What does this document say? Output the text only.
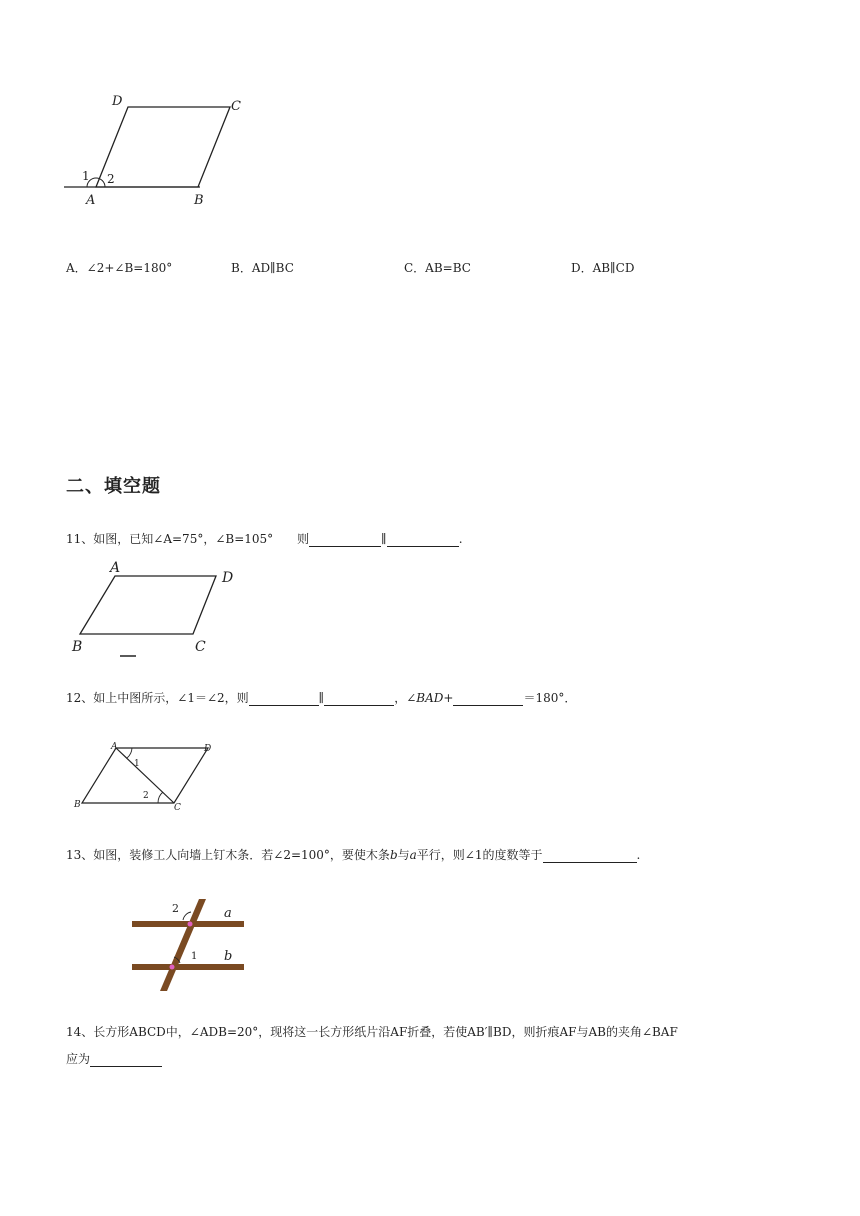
D	C
A	B
1 2
A．∠2+∠B=180°	B．AD∥BC	C．AB=BC	D．AB∥CD
二、填空题
11、如图，已知∠A=75°，∠B=105°　　则	∥	.
A
D
B	C
12、如上中图所示，∠1＝∠2，则	∥	，∠BAD+	＝180°．
A	D
B	C
1
2
13、如图，装修工人向墙上钉木条．若∠2=100°，要使木条b与a平行，则∠1的度数等于	.
2
1
a
b
14、长方形ABCD中，∠ADB=20°，现将这一长方形纸片沿AF折叠，若使AB′∥BD，则折痕AF与AB的夹角∠BAF
应为
